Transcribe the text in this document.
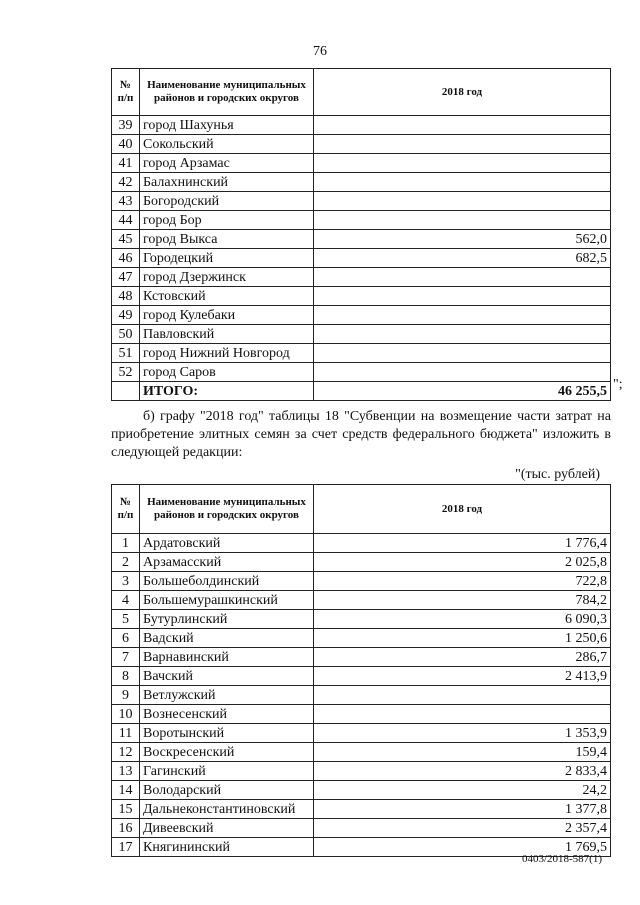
76
№ п/п	Наименование муниципальных районов и городских округов	2018 год
39	город Шахунья	
40	Сокольский	
41	город Арзамас	
42	Балахнинский	
43	Богородский	
44	город Бор	
45	город Выкса	562,0
46	Городецкий	682,5
47	город Дзержинск	
48	Кстовский	
49	город Кулебаки	
50	Павловский	
51	город Нижний Новгород	
52	город Саров	
	ИТОГО:	46 255,5 ";
б) графу "2018 год" таблицы 18 "Субвенции на возмещение части затрат на приобретение элитных семян за счет средств федерального бюджета" изложить в следующей редакции:
"(тыс. рублей)
№ п/п	Наименование муниципальных районов и городских округов	2018 год
1	Ардатовский	1 776,4
2	Арзамасский	2 025,8
3	Большеболдинский	722,8
4	Большемурашкинский	784,2
5	Бутурлинский	6 090,3
6	Вадский	1 250,6
7	Варнавинский	286,7
8	Вачский	2 413,9
9	Ветлужский	
10	Вознесенский	
11	Воротынский	1 353,9
12	Воскресенский	159,4
13	Гагинский	2 833,4
14	Володарский	24,2
15	Дальнеконстантиновский	1 377,8
16	Дивеевский	2 357,4
17	Княгининский	1 769,5
0403/2018-587(1)
